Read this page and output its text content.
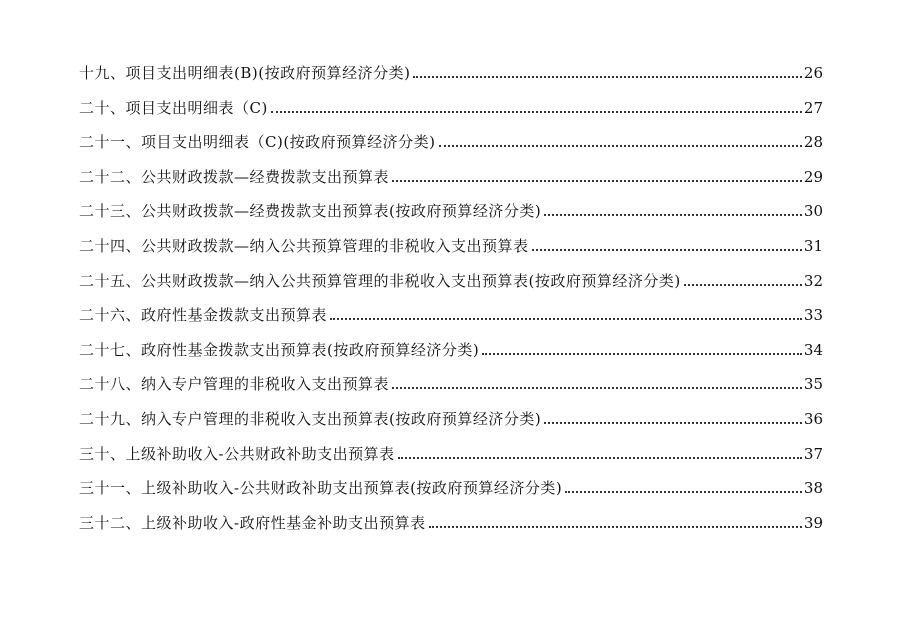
十九、项目支出明细表(B)(按政府预算经济分类)	26
二十、项目支出明细表（C)	27
二十一、项目支出明细表（C)(按政府预算经济分类)	28
二十二、公共财政拨款—经费拨款支出预算表	29
二十三、公共财政拨款—经费拨款支出预算表(按政府预算经济分类)	30
二十四、公共财政拨款—纳入公共预算管理的非税收入支出预算表	31
二十五、公共财政拨款—纳入公共预算管理的非税收入支出预算表(按政府预算经济分类)	32
二十六、政府性基金拨款支出预算表	33
二十七、政府性基金拨款支出预算表(按政府预算经济分类)	34
二十八、纳入专户管理的非税收入支出预算表	35
二十九、纳入专户管理的非税收入支出预算表(按政府预算经济分类)	36
三十、上级补助收入-公共财政补助支出预算表	37
三十一、上级补助收入-公共财政补助支出预算表(按政府预算经济分类)	38
三十二、上级补助收入-政府性基金补助支出预算表	39
